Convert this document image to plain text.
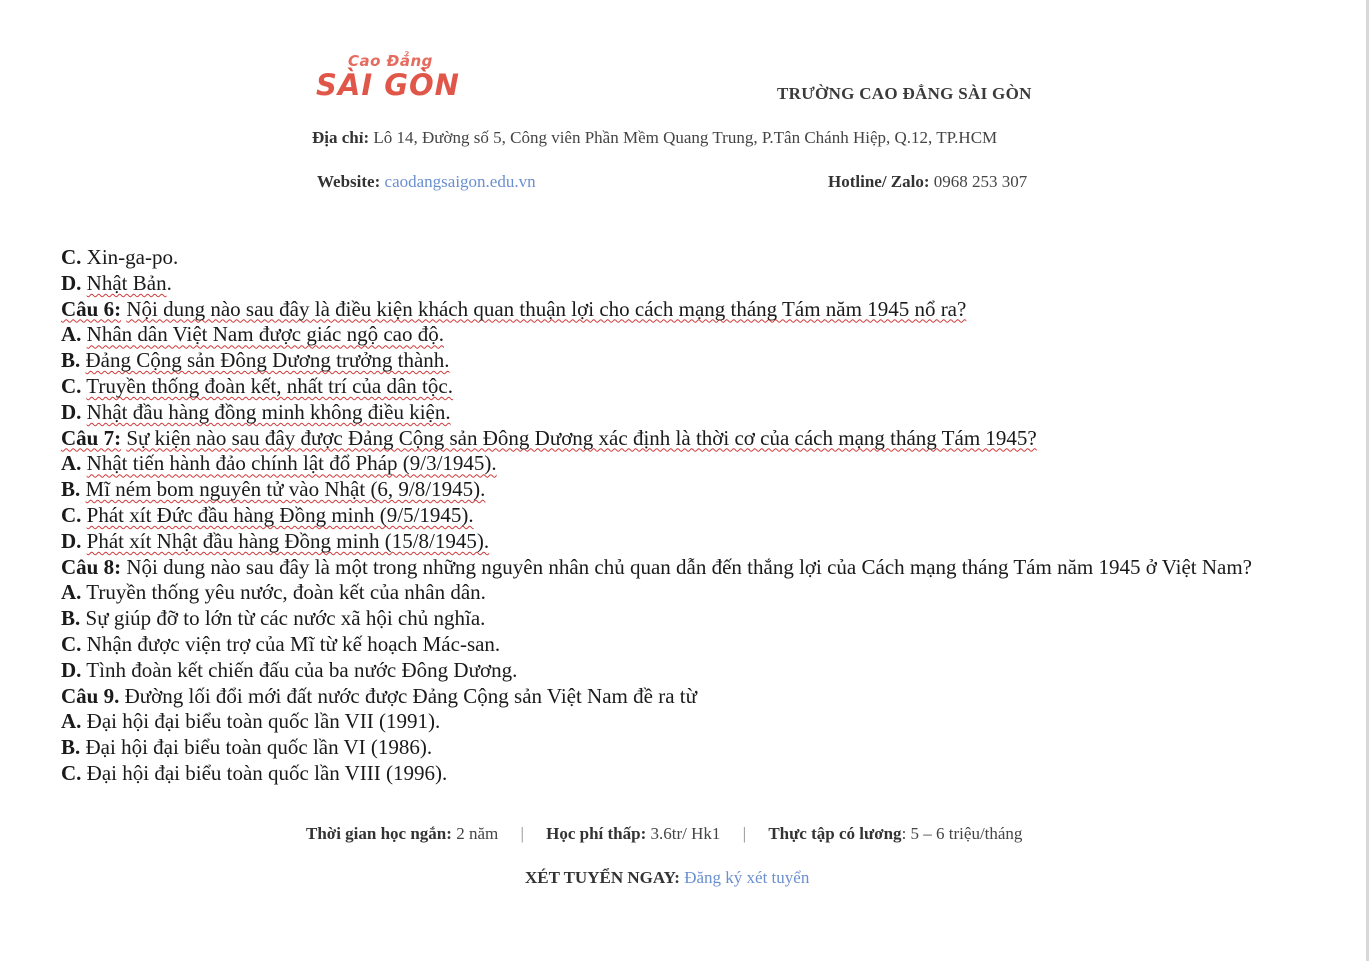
Cao Đẳng
SÀI GÒN	TRƯỜNG CAO ĐẲNG SÀI GÒN
Địa chỉ: Lô 14, Đường số 5, Công viên Phần Mềm Quang Trung, P.Tân Chánh Hiệp, Q.12, TP.HCM
Website: caodangsaigon.edu.vn	Hotline/ Zalo: 0968 253 307
C. Xin-ga-po.
D. Nhật Bản.
Câu 6: Nội dung nào sau đây là điều kiện khách quan thuận lợi cho cách mạng tháng Tám năm 1945 nổ ra?
A. Nhân dân Việt Nam được giác ngộ cao độ.
B. Đảng Cộng sản Đông Dương trưởng thành.
C. Truyền thống đoàn kết, nhất trí của dân tộc.
D. Nhật đầu hàng đồng minh không điều kiện.
Câu 7: Sự kiện nào sau đây được Đảng Cộng sản Đông Dương xác định là thời cơ của cách mạng tháng Tám 1945?
A. Nhật tiến hành đảo chính lật đổ Pháp (9/3/1945).
B. Mĩ ném bom nguyên tử vào Nhật (6, 9/8/1945).
C. Phát xít Đức đầu hàng Đồng minh (9/5/1945).
D. Phát xít Nhật đầu hàng Đồng minh (15/8/1945).
Câu 8: Nội dung nào sau đây là một trong những nguyên nhân chủ quan dẫn đến thắng lợi của Cách mạng tháng Tám năm 1945 ở Việt Nam?
A. Truyền thống yêu nước, đoàn kết của nhân dân.
B. Sự giúp đỡ to lớn từ các nước xã hội chủ nghĩa.
C. Nhận được viện trợ của Mĩ từ kế hoạch Mác-san.
D. Tình đoàn kết chiến đấu của ba nước Đông Dương.
Câu 9. Đường lối đổi mới đất nước được Đảng Cộng sản Việt Nam đề ra từ
A. Đại hội đại biểu toàn quốc lần VII (1991).
B. Đại hội đại biểu toàn quốc lần VI (1986).
C. Đại hội đại biểu toàn quốc lần VIII (1996).
Thời gian học ngắn: 2 năm | Học phí thấp: 3.6tr/ Hk1 | Thực tập có lương: 5 – 6 triệu/tháng
XÉT TUYỂN NGAY: Đăng ký xét tuyển
